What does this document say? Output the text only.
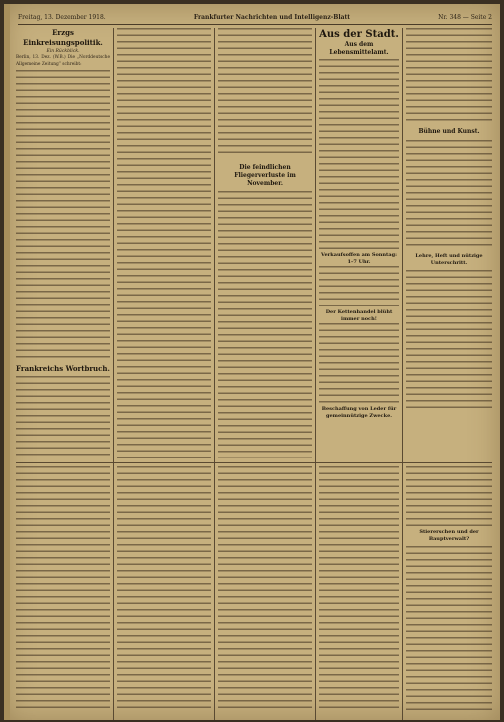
Freitag, 13. Dezember 1918.	Frankfurter Nachrichten und Intelligenz-Blatt	Nr. 348 — Seite 2
Erzgs Einkreisungspolitik.
Ein Rückblick.
Berlin, 13. Dez. (W.B.) Die „Norddeutsche Allgemeine Zeitung“ schreibt:
Frankreichs Wortbruch.
Die feindlichen Fliegerverluste im November.
Aus der Stadt.
Aus dem Lebensmittelamt.
Verkaufsoffen am Sonntag: 1–7 Uhr.
Der Kettenhandel blüht immer noch!
Beschaffung von Leder für gemeinnützige Zwecke.
Bühne und Kunst.
Lehre, Heft und nützige Unterschritt.
Stiererschen und der Bauptverwalt?
